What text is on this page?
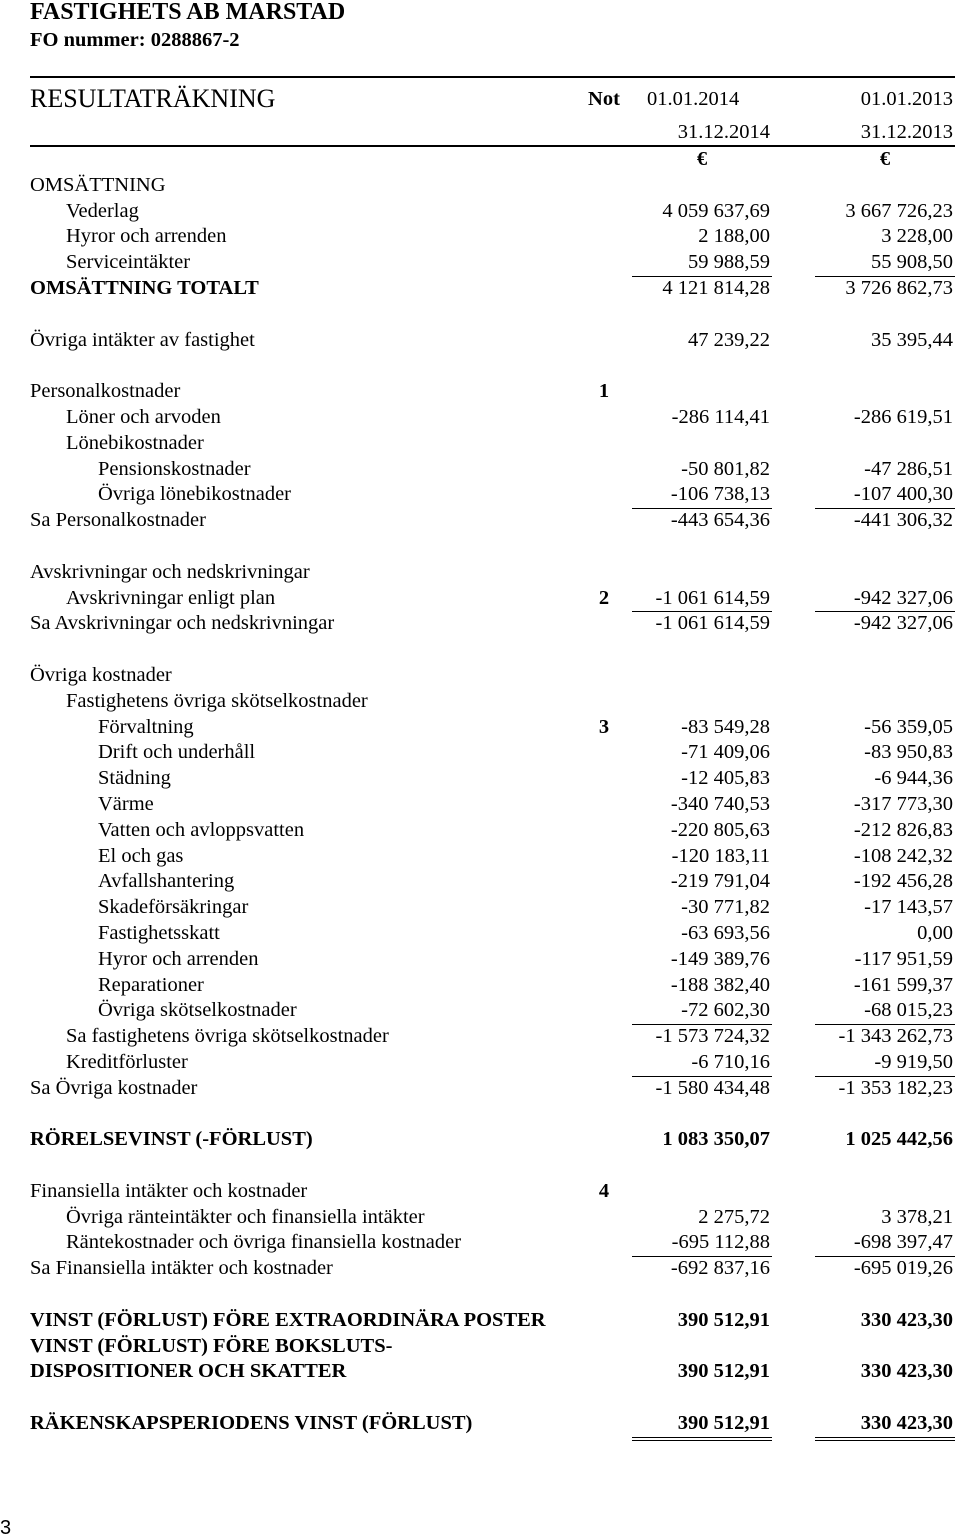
FASTIGHETS AB MARSTAD
FO nummer: 0288867-2
RESULTATRÄKNING	Not 01.01.2014	01.01.2013
31.12.2014	31.12.2013
€	€
OMSÄTTNING
Vederlag	4 059 637,69	3 667 726,23
Hyror och arrenden	2 188,00	3 228,00
Serviceintäkter	59 988,59	55 908,50
OMSÄTTNING TOTALT	4 121 814,28	3 726 862,73
Övriga intäkter av fastighet	47 239,22	35 395,44
Personalkostnader	1
Löner och arvoden	-286 114,41	-286 619,51
Lönebikostnader
Pensionskostnader	-50 801,82	-47 286,51
Övriga lönebikostnader	-106 738,13	-107 400,30
Sa Personalkostnader	-443 654,36	-441 306,32
Avskrivningar och nedskrivningar
Avskrivningar enligt plan	2	-1 061 614,59	-942 327,06
Sa Avskrivningar och nedskrivningar	-1 061 614,59	-942 327,06
Övriga kostnader
Fastighetens övriga skötselkostnader
Förvaltning	3	-83 549,28	-56 359,05
Drift och underhåll	-71 409,06	-83 950,83
Städning	-12 405,83	-6 944,36
Värme	-340 740,53	-317 773,30
Vatten och avloppsvatten	-220 805,63	-212 826,83
El och gas	-120 183,11	-108 242,32
Avfallshantering	-219 791,04	-192 456,28
Skadeförsäkringar	-30 771,82	-17 143,57
Fastighetsskatt	-63 693,56	0,00
Hyror och arrenden	-149 389,76	-117 951,59
Reparationer	-188 382,40	-161 599,37
Övriga skötselkostnader	-72 602,30	-68 015,23
Sa fastighetens övriga skötselkostnader	-1 573 724,32	-1 343 262,73
Kreditförluster	-6 710,16	-9 919,50
Sa Övriga kostnader	-1 580 434,48	-1 353 182,23
RÖRELSEVINST (-FÖRLUST)	1 083 350,07	1 025 442,56
Finansiella intäkter och kostnader	4
Övriga ränteintäkter och finansiella intäkter	2 275,72	3 378,21
Räntekostnader och övriga finansiella kostnader	-695 112,88	-698 397,47
Sa Finansiella intäkter och kostnader	-692 837,16	-695 019,26
VINST (FÖRLUST) FÖRE EXTRAORDINÄRA POSTER	390 512,91	330 423,30
VINST (FÖRLUST) FÖRE BOKSLUTS-
DISPOSITIONER OCH SKATTER	390 512,91	330 423,30
RÄKENSKAPSPERIODENS VINST (FÖRLUST)	390 512,91	330 423,30
3
